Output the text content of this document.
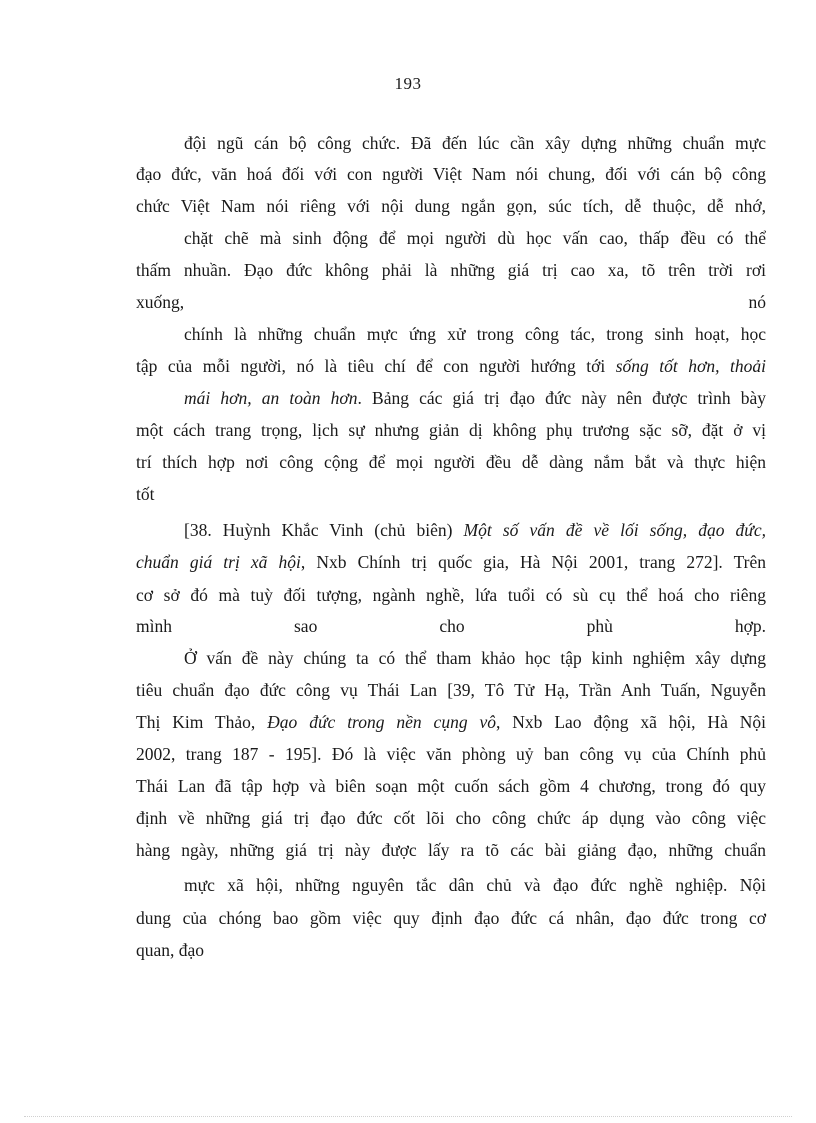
193
đội ngũ cán bộ công chức. Đã đến lúc cần xây dựng những chuẩn mực
đạo đức, văn hoá đối với con người Việt Nam nói chung, đối với cán bộ công
chức Việt Nam nói riêng với nội dung ngắn gọn, súc tích, dễ thuộc, dễ nhớ,
chặt chẽ mà sinh động để mọi người dù học vấn cao, thấp đều có thể
thấm nhuần. Đạo đức không phải là những giá trị cao xa, tõ trên trời rơi
xuống, nó
chính là những chuẩn mực ứng xử trong công tác, trong sinh hoạt, học
tập của mỗi người, nó là tiêu chí để con người hướng tới sống tốt hơn, thoải
mái hơn, an toàn hơn. Bảng các giá trị đạo đức này nên được trình bày
một cách trang trọng, lịch sự nhưng giản dị không phụ trương sặc sỡ, đặt ở vị
trí thích hợp nơi công cộng để mọi người đều dễ dàng nắm bắt và thực hiện
tốt
[38. Huỳnh Khắc Vinh (chủ biên) Một số vấn đề về lối sống, đạo đức,
chuẩn giá trị xã hội, Nxb Chính trị quốc gia, Hà Nội 2001, trang 272]. Trên
cơ sở đó mà tuỳ đối tượng, ngành nghề, lứa tuổi có sù cụ thể hoá cho riêng
mình sao cho phù hợp.
Ở vấn đề này chúng ta có thể tham khảo học tập kinh nghiệm xây dựng
tiêu chuẩn đạo đức công vụ Thái Lan [39, Tô Tử Hạ, Trần Anh Tuấn, Nguyễn
Thị Kim Thảo, Đạo đức trong nền cụng vô, Nxb Lao động xã hội, Hà Nội
2002, trang 187 - 195]. Đó là việc văn phòng uỷ ban công vụ của Chính phủ
Thái Lan đã tập hợp và biên soạn một cuốn sách gồm 4 chương, trong đó quy
định về những giá trị đạo đức cốt lõi cho công chức áp dụng vào công việc
hàng ngày, những giá trị này được lấy ra tõ các bài giảng đạo, những chuẩn
mực xã hội, những nguyên tắc dân chủ và đạo đức nghề nghiệp. Nội
dung của chóng bao gồm việc quy định đạo đức cá nhân, đạo đức trong cơ
quan, đạo
